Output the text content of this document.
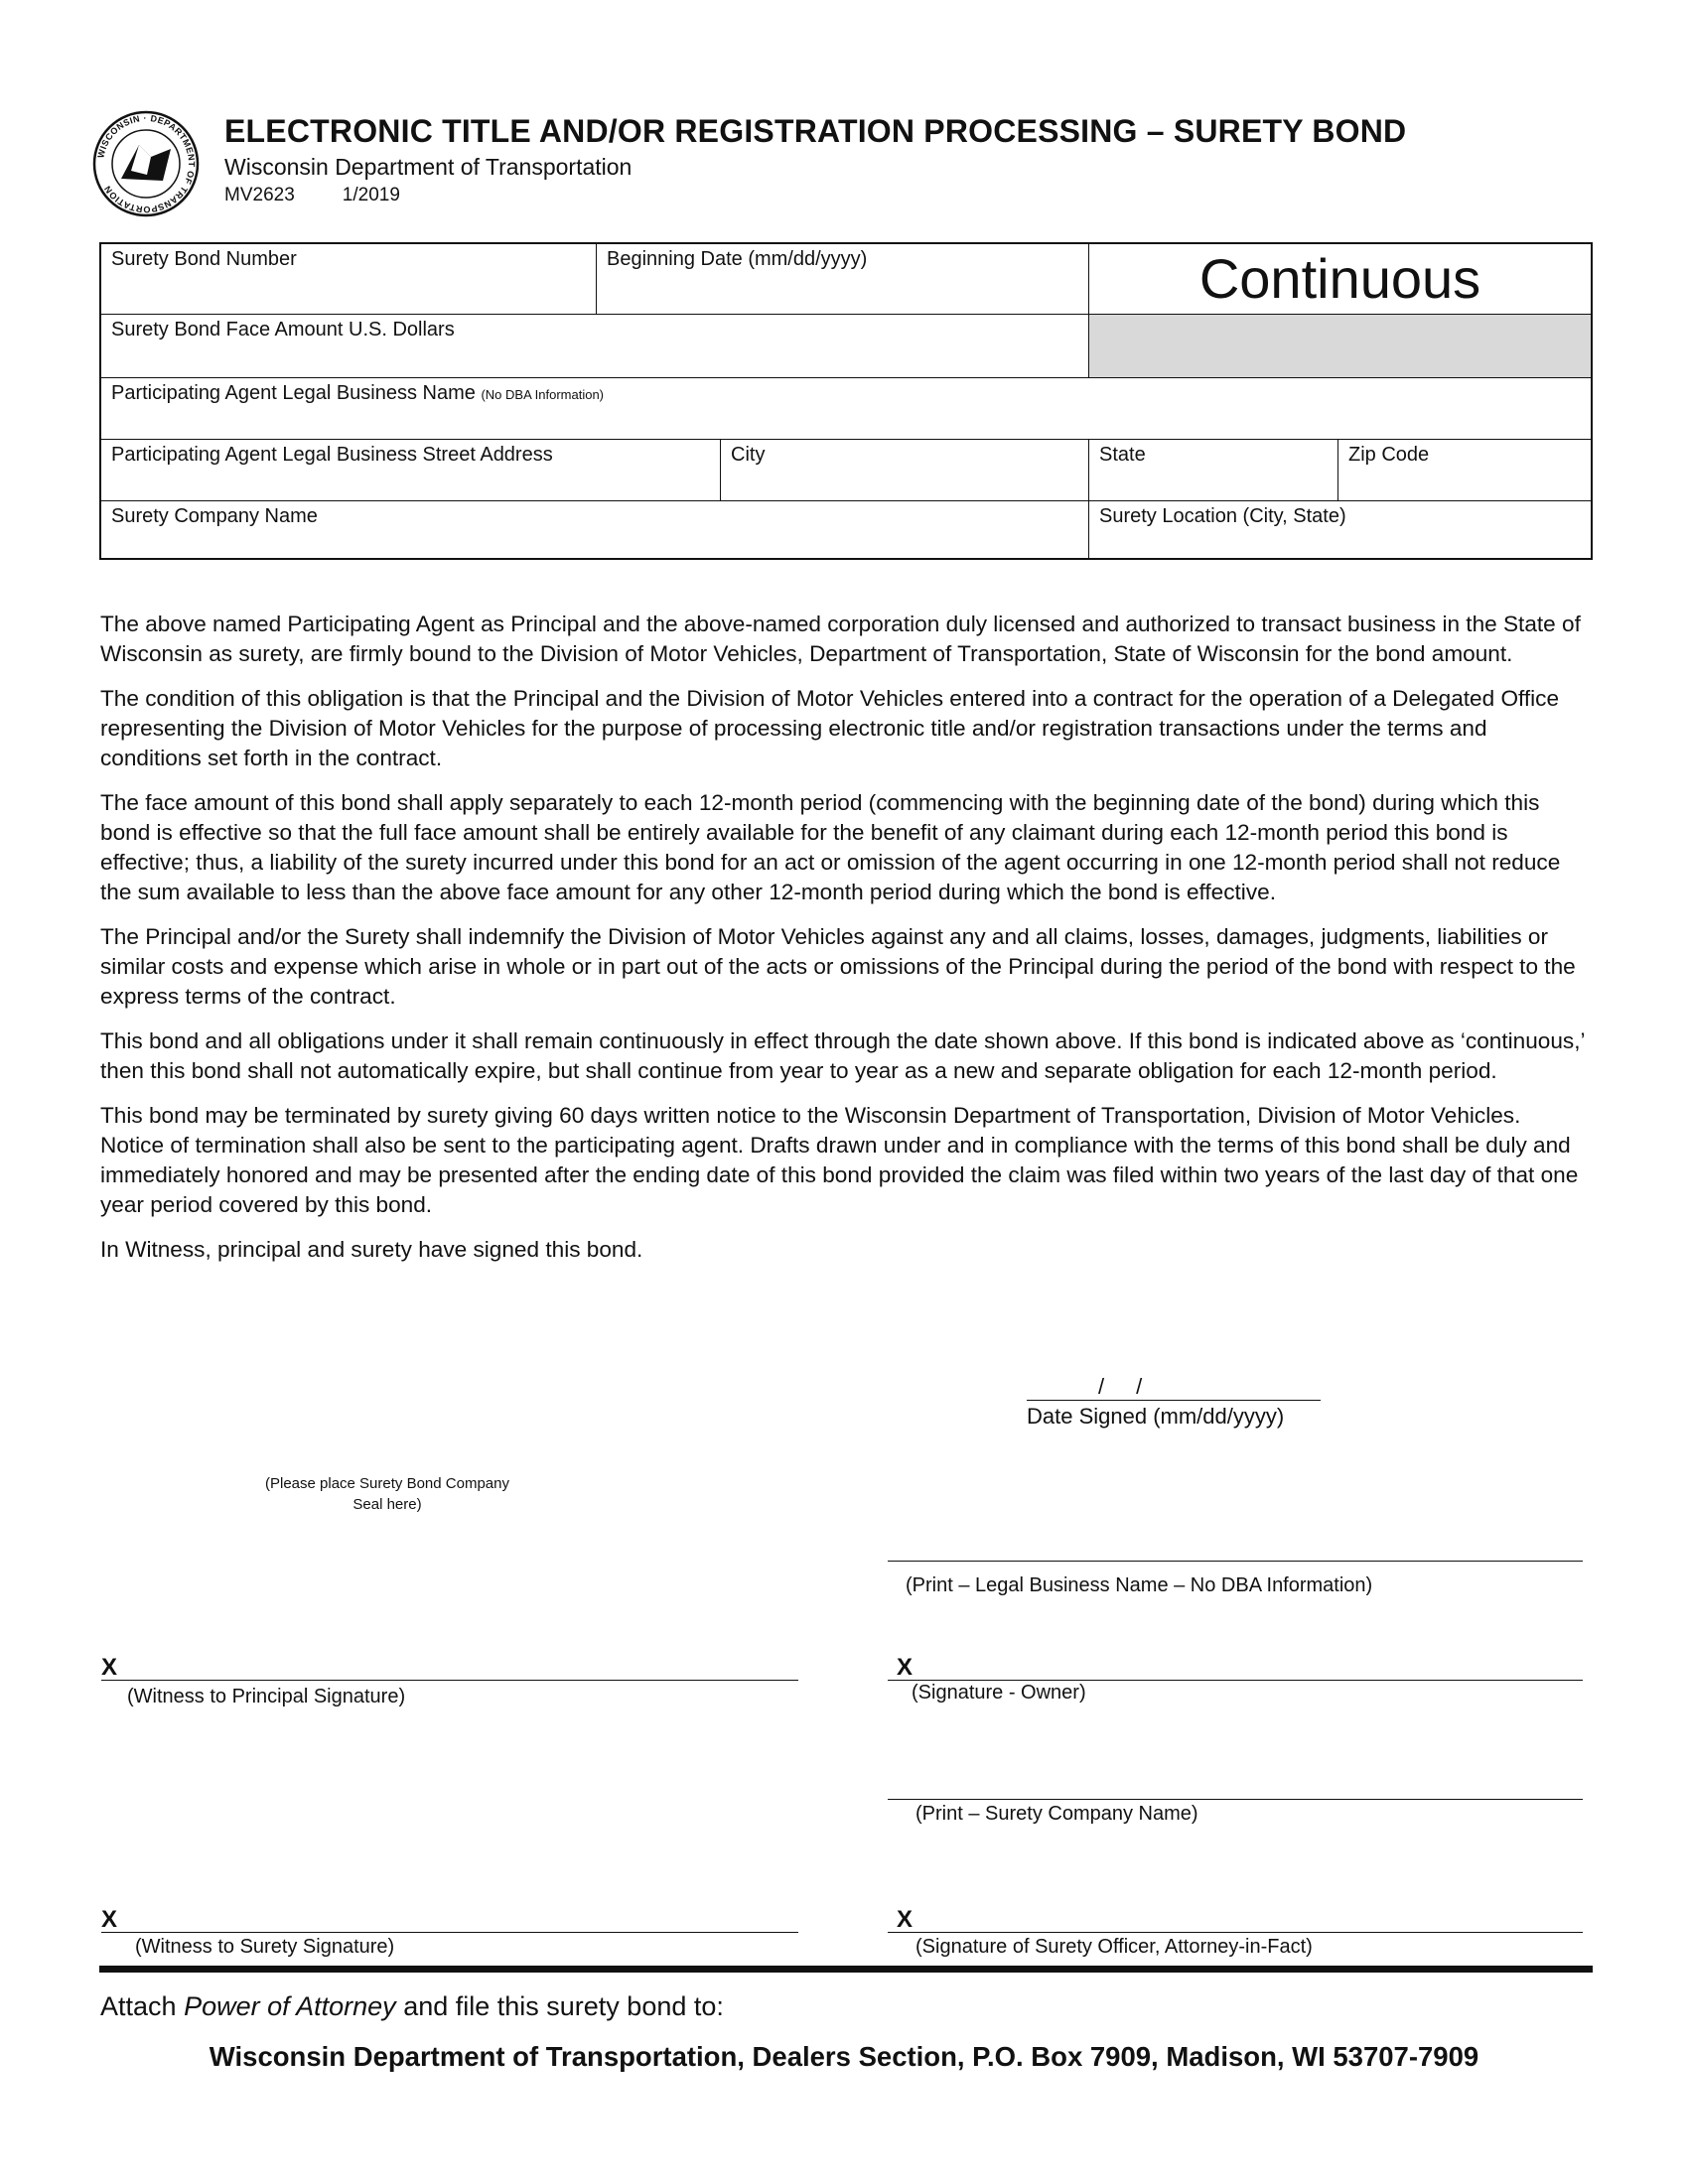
WISCONSIN · DEPARTMENT OF TRANSPORTATION
ELECTRONIC TITLE AND/OR REGISTRATION PROCESSING – SURETY BOND
Wisconsin Department of Transportation
MV2623	1/2019
Surety Bond Number	Beginning Date (mm/dd/yyyy)	Continuous
Surety Bond Face Amount U.S. Dollars
Participating Agent Legal Business Name (No DBA Information)
Participating Agent Legal Business Street Address	City	State	Zip Code
Surety Company Name	Surety Location (City, State)

The above named Participating Agent as Principal and the above-named corporation duly licensed and authorized to transact business in the State of Wisconsin as surety, are firmly bound to the Division of Motor Vehicles, Department of Transportation, State of Wisconsin for the bond amount.

The condition of this obligation is that the Principal and the Division of Motor Vehicles entered into a contract for the operation of a Delegated Office representing the Division of Motor Vehicles for the purpose of processing electronic title and/or registration transactions under the terms and conditions set forth in the contract.

The face amount of this bond shall apply separately to each 12-month period (commencing with the beginning date of the bond) during which this bond is effective so that the full face amount shall be entirely available for the benefit of any claimant during each 12-month period this bond is effective; thus, a liability of the surety incurred under this bond for an act or omission of the agent occurring in one 12-month period shall not reduce the sum available to less than the above face amount for any other 12-month period during which the bond is effective.

The Principal and/or the Surety shall indemnify the Division of Motor Vehicles against any and all claims, losses, damages, judgments, liabilities or similar costs and expense which arise in whole or in part out of the acts or omissions of the Principal during the period of the bond with respect to the express terms of the contract.

This bond and all obligations under it shall remain continuously in effect through the date shown above. If this bond is indicated above as ‘continuous,’ then this bond shall not automatically expire, but shall continue from year to year as a new and separate obligation for each 12-month period.

This bond may be terminated by surety giving 60 days written notice to the Wisconsin Department of Transportation, Division of Motor Vehicles. Notice of termination shall also be sent to the participating agent. Drafts drawn under and in compliance with the terms of this bond shall be duly and immediately honored and may be presented after the ending date of this bond provided the claim was filed within two years of the last day of that one year period covered by this bond.

In Witness, principal and surety have signed this bond.

/ /
Date Signed (mm/dd/yyyy)
(Please place Surety Bond Company
Seal here)
(Print – Legal Business Name – No DBA Information)
X
(Witness to Principal Signature)
X
(Signature - Owner)
(Print – Surety Company Name)
X
(Witness to Surety Signature)
X
(Signature of Surety Officer, Attorney-in-Fact)
Attach Power of Attorney and file this surety bond to:
Wisconsin Department of Transportation, Dealers Section, P.O. Box 7909, Madison, WI 53707-7909
